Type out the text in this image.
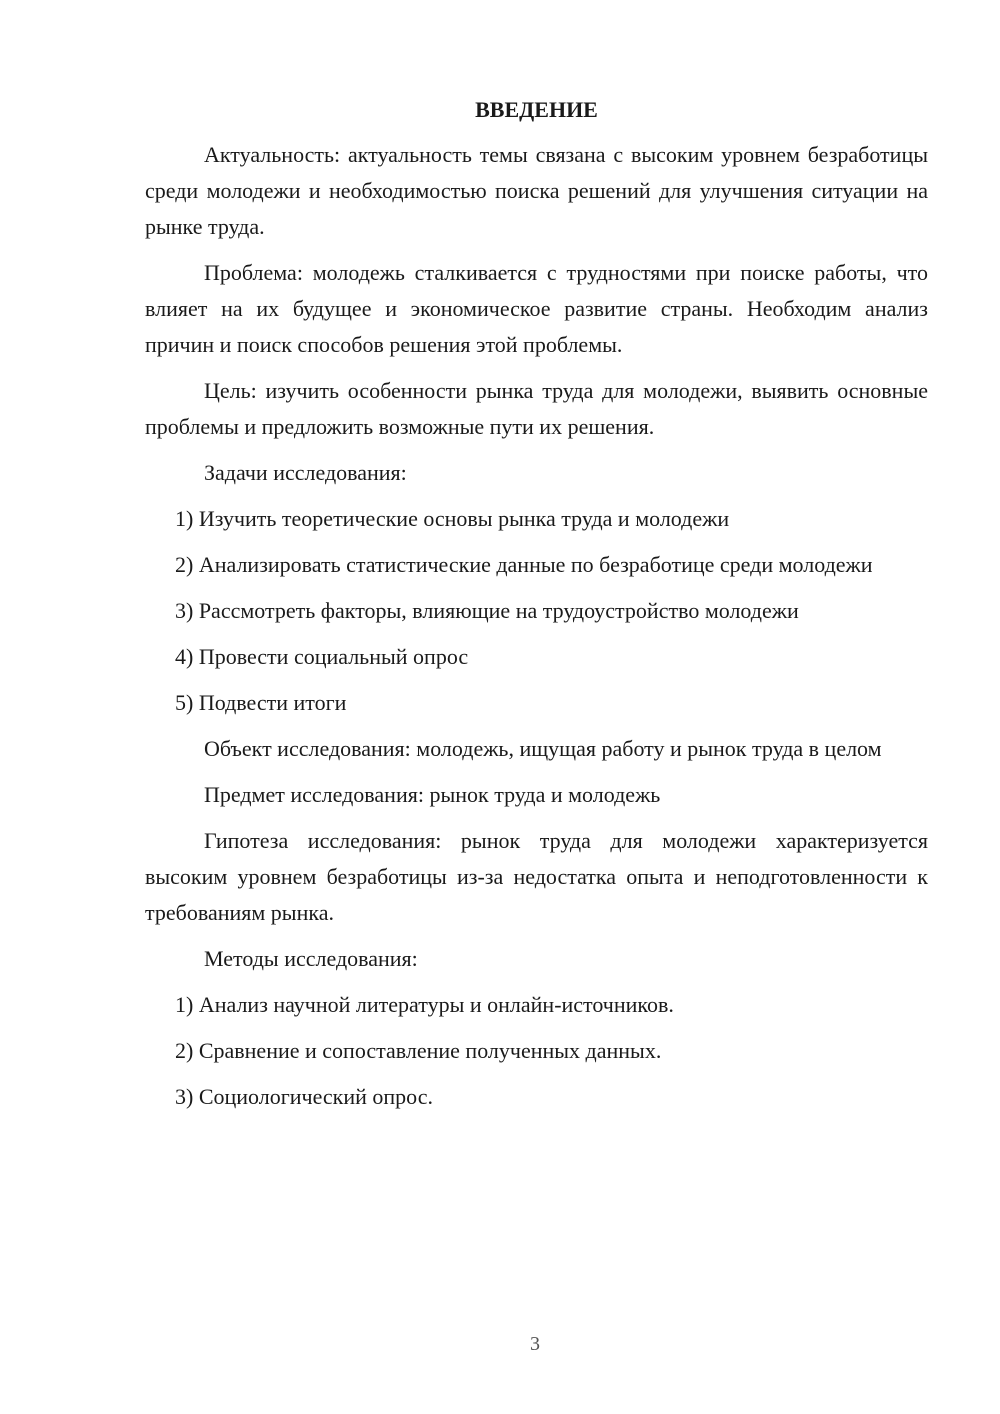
ВВЕДЕНИЕ

Актуальность: актуальность темы связана с высоким уровнем безработицы среди молодежи и необходимостью поиска решений для улучшения ситуации на рынке труда.

Проблема: молодежь сталкивается с трудностями при поиске работы, что влияет на их будущее и экономическое развитие страны. Необходим анализ причин и поиск способов решения этой проблемы.

Цель: изучить особенности рынка труда для молодежи, выявить основные проблемы и предложить возможные пути их решения.

Задачи исследования:

1) Изучить теоретические основы рынка труда и молодежи

2) Анализировать статистические данные по безработице среди молодежи

3) Рассмотреть факторы, влияющие на трудоустройство молодежи

4) Провести социальный опрос

5) Подвести итоги

Объект исследования: молодежь, ищущая работу и рынок труда в целом

Предмет исследования: рынок труда и молодежь

Гипотеза исследования: рынок труда для молодежи характеризуется высоким уровнем безработицы из-за недостатка опыта и неподготовленности к требованиям рынка.

Методы исследования:

1) Анализ научной литературы и онлайн-источников.

2) Сравнение и сопоставление полученных данных.

3) Социологический опрос.

3
